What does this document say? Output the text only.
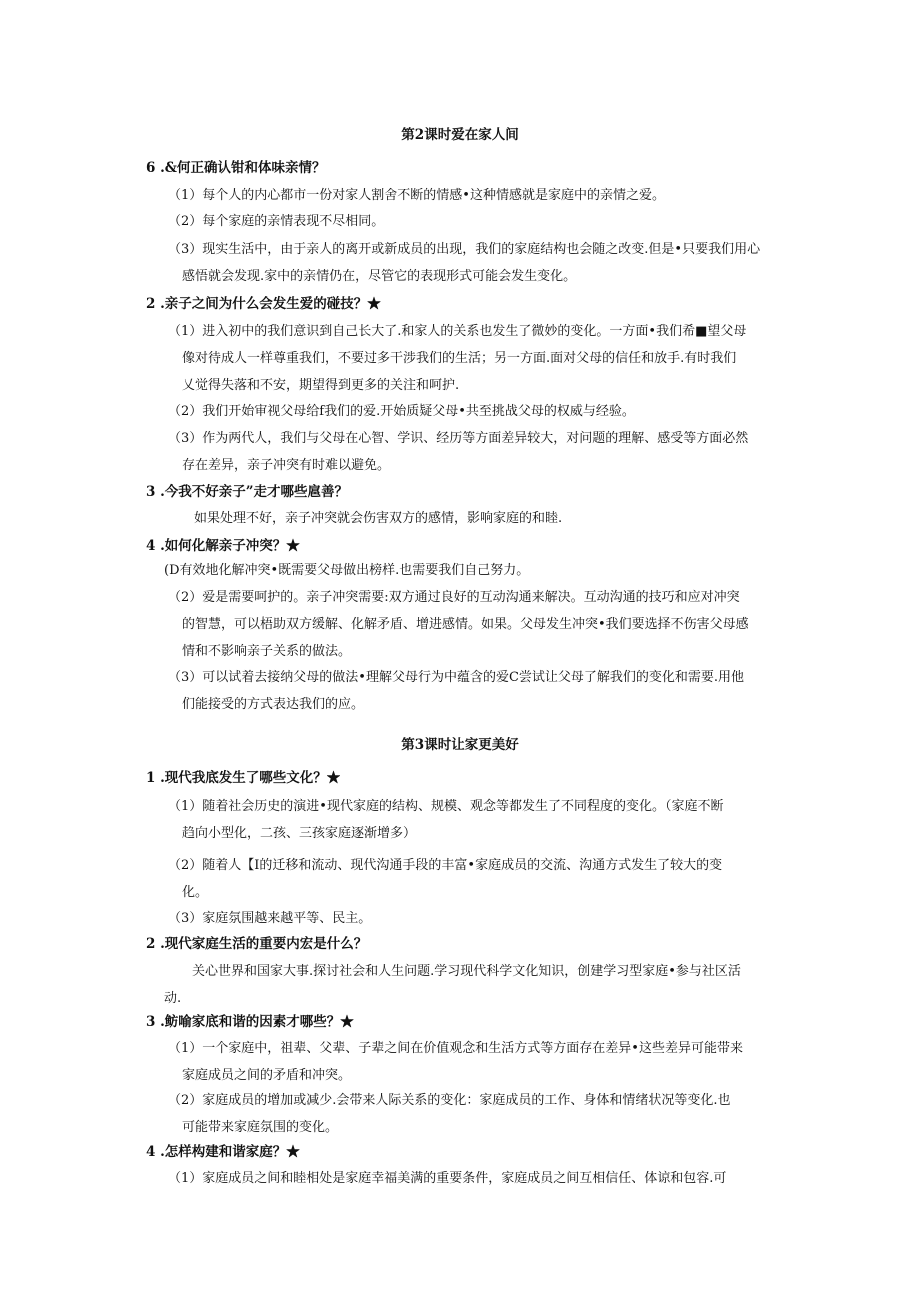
第2课时爱在家人间
6 .&何正确认钳和体味亲情？
（1）每个人的内心都市一份对家人割舍不断的情感•这种情感就是家庭中的亲情之爱。
（2）每个家庭的亲情表现不尽相同。
（3）现实生活中，由于亲人的离开或新成员的出现，我们的家庭结构也会随之改变.但是•只要我们用心
感悟就会发现.家中的亲情仍在，尽管它的表现形式可能会发生变化。
2 .亲子之间为什么会发生爱的碰技？★
（1）进入初中的我们意识到自己长大了.和家人的关系也发生了微妙的变化。一方面•我们希■望父母
像对待成人一样尊重我们，不要过多干涉我们的生活；另一方面.面对父母的信任和放手.有时我们
乂觉得失落和不安，期望得到更多的关注和呵护.
（2）我们开始审视父母给f我们的爱.开始质疑父母•共至挑战父母的权威与经验。
（3）作为两代人，我们与父母在心智、学识、经历等方面差异较大，对问题的理解、感受等方面必然
存在差异，亲子冲突有时难以避免。
3 .今我不好亲子”走才哪些扈善？
如果处理不好，亲子冲突就会伤害双方的感情，影响家庭的和睦.
4 .如何化解亲子冲突？★
(D有效地化解冲突•既需要父母做出榜样.也需要我们自己努力。
（2）爱是需要呵护的。亲子冲突需要:双方通过良好的互动沟通来解决。互动沟通的技巧和应对冲突
的智慧，可以梧助双方缓解、化解矛盾、增进感情。如果。父母发生冲突•我们要选择不伤害父母感
情和不影响亲子关系的做法。
（3）可以试着去接纳父母的做法•理解父母行为中蕴含的爱C尝试让父母了解我们的变化和需要.用他
们能接受的方式表达我们的应。
第3课时让家更美好
1 .现代我底发生了哪些文化？★
（1）随着社会历史的演进•现代家庭的结构、规模、观念等都发生了不同程度的变化。（家庭不断
趋向小型化，二孩、三孩家庭逐渐增多）
（2）随着人【I的迁移和流动、现代沟通手段的丰富•家庭成员的交流、沟通方式发生了较大的变
化。
（3）家庭氛围越来越平等、民主。
2 .现代家庭生活的重要内宏是什么？
关心世界和国家大事.探讨社会和人生问题.学习现代科学文化知识，创建学习型家庭•参与社区活
动.
3 .鲂喻家底和谐的因素才哪些？★
（1）一个家庭中，祖辈、父辈、子辈之间在价值观念和生活方式等方面存在差异•这些差异可能带来
家庭成员之间的矛盾和冲突。
（2）家庭成员的增加或减少.会带来人际关系的变化：家庭成员的工作、身体和情绪状况等变化.也
可能带来家庭氛围的变化。
4 .怎样构建和谐家庭？★
（1）家庭成员之间和睦相处是家庭幸福美满的重要条件，家庭成员之间互相信任、体谅和包容.可
